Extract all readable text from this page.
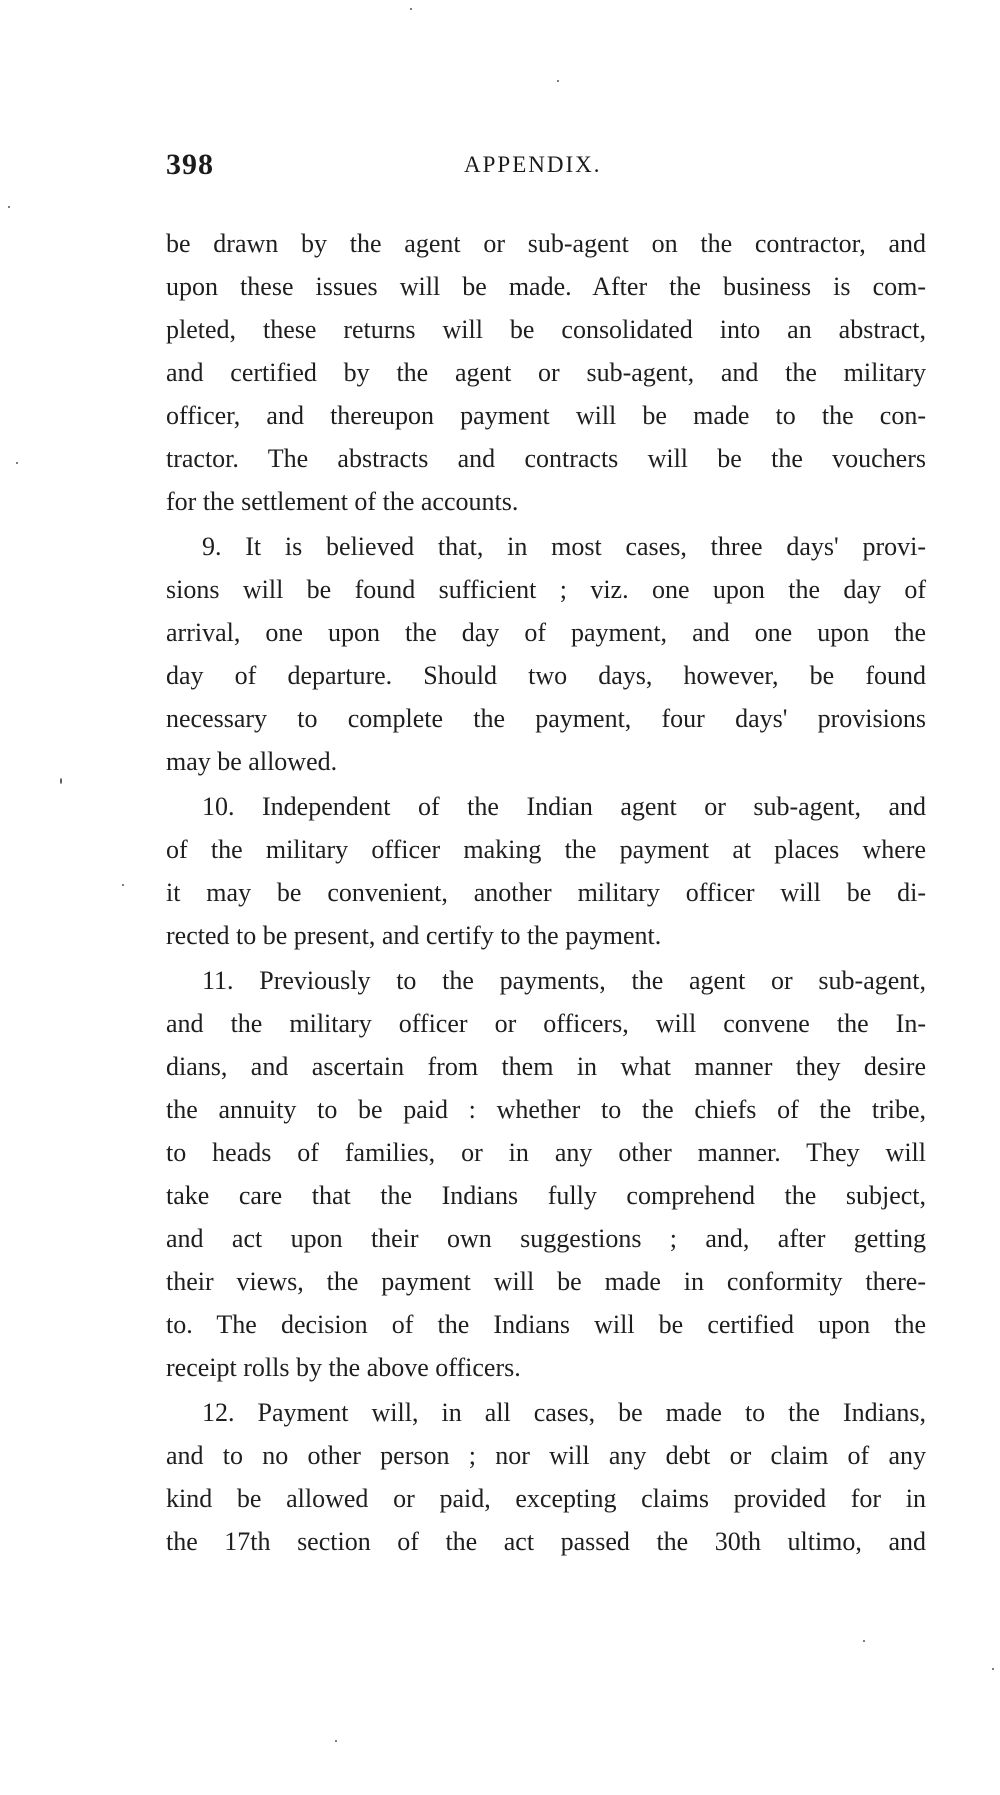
398	APPENDIX.
be drawn by the agent or sub-agent on the contractor, and
upon these issues will be made. After the business is com-
pleted, these returns will be consolidated into an abstract,
and certified by the agent or sub-agent, and the military
officer, and thereupon payment will be made to the con-
tractor. The abstracts and contracts will be the vouchers
for the settlement of the accounts.
9. It is believed that, in most cases, three days' provi-
sions will be found sufficient ; viz. one upon the day of
arrival, one upon the day of payment, and one upon the
day of departure. Should two days, however, be found
necessary to complete the payment, four days' provisions
may be allowed.
10. Independent of the Indian agent or sub-agent, and
of the military officer making the payment at places where
it may be convenient, another military officer will be di-
rected to be present, and certify to the payment.
11. Previously to the payments, the agent or sub-agent,
and the military officer or officers, will convene the In-
dians, and ascertain from them in what manner they desire
the annuity to be paid : whether to the chiefs of the tribe,
to heads of families, or in any other manner. They will
take care that the Indians fully comprehend the subject,
and act upon their own suggestions ; and, after getting
their views, the payment will be made in conformity there-
to. The decision of the Indians will be certified upon the
receipt rolls by the above officers.
12. Payment will, in all cases, be made to the Indians,
and to no other person ; nor will any debt or claim of any
kind be allowed or paid, excepting claims provided for in
the 17th section of the act passed the 30th ultimo, and
